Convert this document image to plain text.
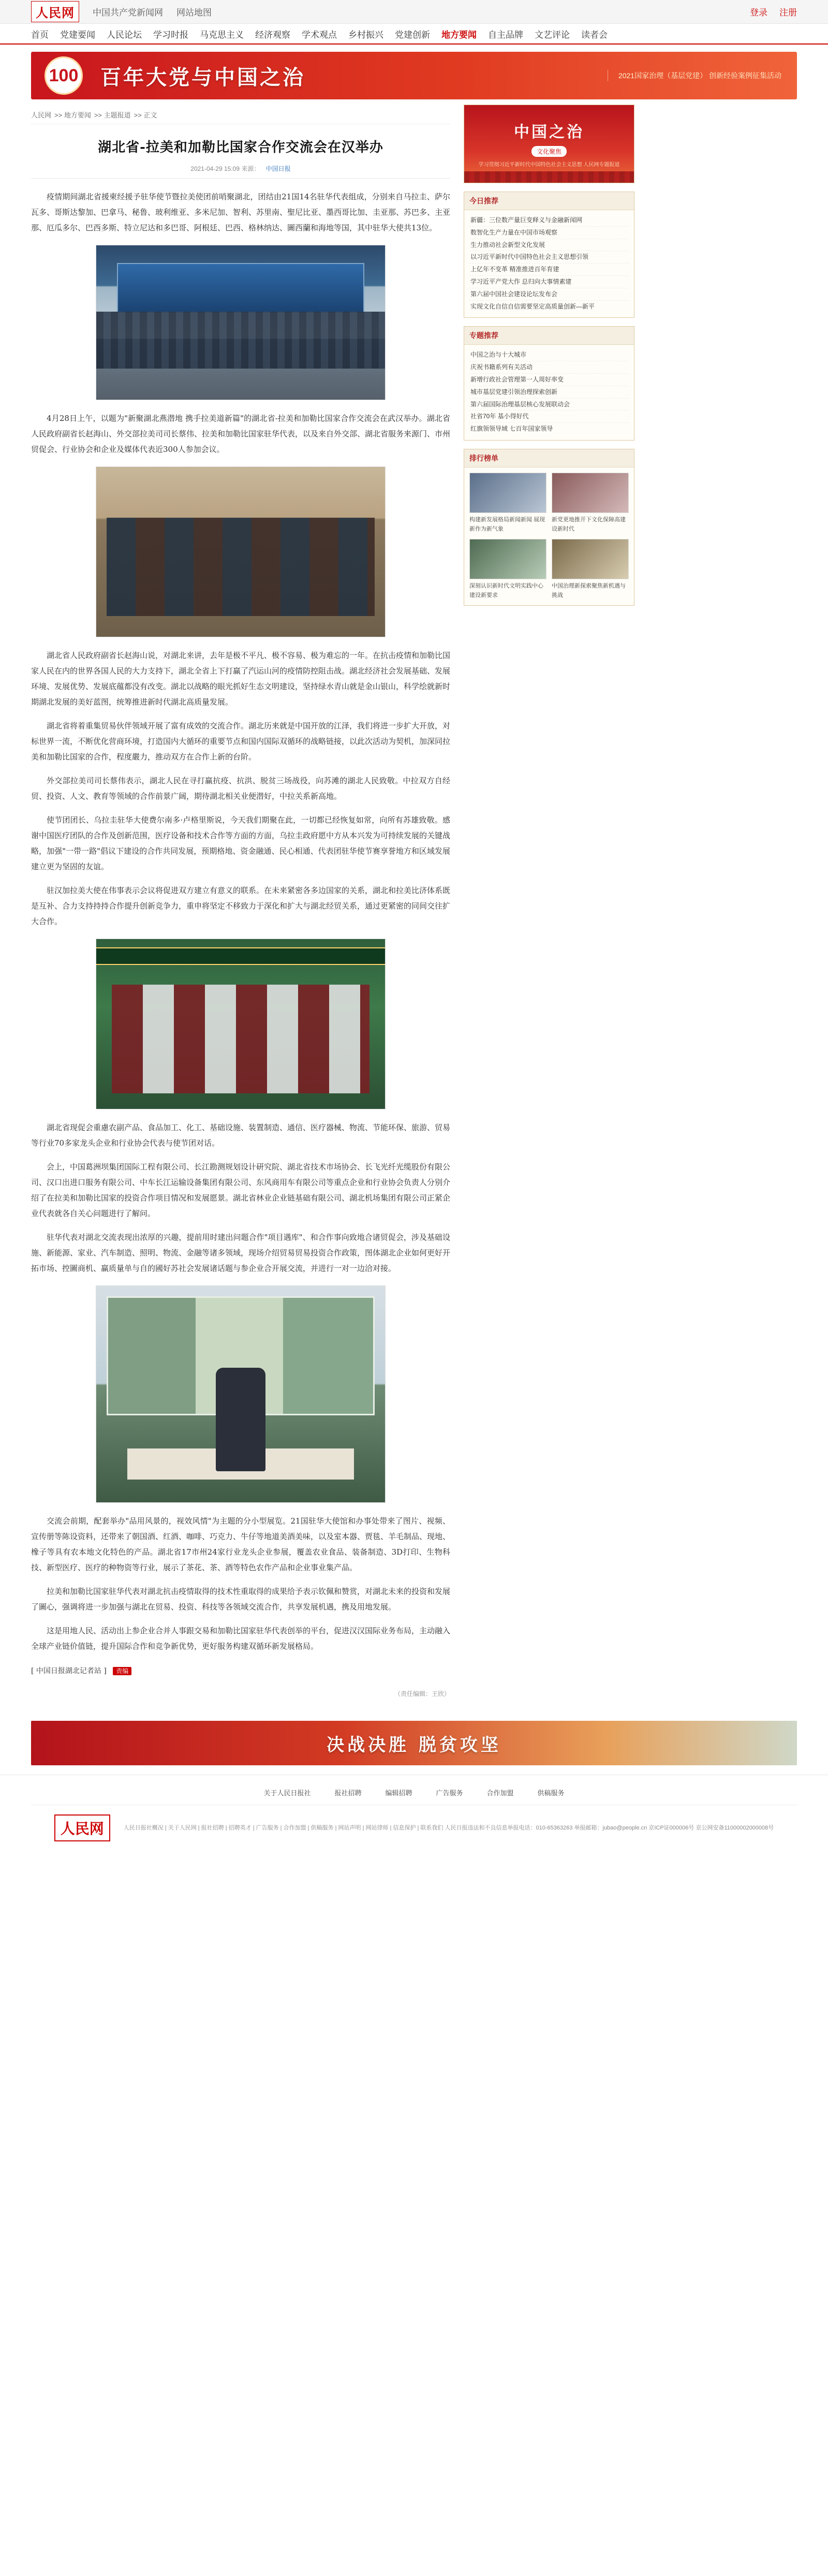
人民网	中国共产党新闻网 网站地图	登录 注册
首页 党建要闻 人民论坛 学习时报 马克思主义 经济观察 学术观点 乡村振兴 党建创新 地方要闻 自主品牌 文艺评论 读者会
100 百年大党与中国之治	2021国家治理（基层党建） 创新经验案例征集活动
人民网 >> 地方要闻 >> 主题报道 >> 正文
湖北省-拉美和加勒比国家合作交流会在汉举办
2021-04-29 15:09 来源： 中国日报

疫情期间湖北省援柬经援予驻华使节暨拉美使团前哨聚湖北，团结由21国14名驻华代表组成，分别来自马拉圭、萨尔瓦多、哥斯达黎加、巴拿马、秘鲁、玻利维亚、多米尼加、智利、苏里南、聖尼比亚、墨西哥比加、圭亚那、苏巴多、主亚那、厄瓜多尔、巴西多斯、特立尼达和多巴哥、阿根廷、巴西、格林纳达、圖西蘭和海地等国，其中驻华大使共13位。

4月28日上午，以题为"新聚湖北燕潜地 携手拉美道新篇"的湖北省-拉美和加勒比国家合作交流会在武汉举办。湖北省人民政府副省长赵海山、外交部拉美司司长蔡伟、拉美和加勒比国家驻华代表，以及来自外交部、湖北省服务来源门、市州贸促会、行业协会和企业及媒体代表近300人参加会议。

湖北省人民政府副省长赵海山说，对湖北来讲，去年是极不平凡、极不容易、极为难忘的一年。在抗击疫情和加勒比国家人民在内的世界各国人民的大力支持下，湖北全省上下打赢了汽运山河的疫情防控阻击战。湖北经济社会发展基础、发展环境、发展优势、发展底蕴都没有改变。湖北以战略的眼光抓好生态文明建设，坚持绿水青山就是金山银山，科学绘就新时期湖北发展的美好蓝图，统筹推进新时代湖北高质量发展。

湖北省将着重集贸易伙伴领域开展了富有成效的交流合作。湖北历来就是中国开放的江泽，我们将进一步扩大开放，对标世界一流，不断优化营商环境，打造国内大循环的重要节点和国内国际双循环的战略链接，以此次活动为契机，加深同拉美和加勒比国家的合作，程度嚴力，推动双方在合作上新的台阶。

外交部拉美司司长蔡伟表示，湖北人民在寻打赢抗疫、抗洪、脱贫三场战役，向苏滩的湖北人民致敬。中拉双方自经贸、投资、人文、教育等领域的合作前景广阔，期待湖北相关业便潜好，中拉关系新高地。

使节团团长、乌拉圭驻华大使费尔南多·卢格里斯说，今天我们期聚在此，一切都已经恢复如常，向所有苏雄致敬。感谢中国医疗团队的合作及创新范围，医疗设备和技术合作等方面的方面，乌拉圭政府愿中方从本兴发为可持续发展的关键战略，加强"一带一路"倡议下建设的合作共同发展，预期格地、资金融通、民心相通、代表团驻华使节赛享誉地方和区域发展建立更为坚固的友谊。

驻汉加拉美大使在伟事表示会议将促进双方建立有意义的联系。在未来紧密各多边国家的关系，湖北和拉美比济体系既是互补、合力支持持持合作提升创新竞争力，重申将坚定不移致力于深化和扩大与湖北经贸关系，通过更紧密的同间交往扩大合作。

湖北省现促会重慮农副产品、食品加工、化工、基础设施、装置制造、通信、医疗器械、物流、节能环保、旅游、贸易等行业70多家龙头企业和行业协会代表与使节团对话。

会上，中国葛洲坝集团国际工程有限公司、长江勘测规划设计研究院、湖北省技术市场协会、长飞光纤光缆股份有限公司、汉口出进口服务有限公司、中车长江运输设备集团有限公司、东风商用车有限公司等重点企业和行业协会负责人分别介绍了在拉美和加勒比国家的投资合作项目情况和发展愿景。湖北省林业企业链基础有限公司、湖北机场集团有限公司正紧企业代表就各自关心问题进行了解问。

驻华代表对湖北交流表现出浓厚的兴趣，提前用时建出问题合作"项目遇库"、和合作事向致地合诸贸促会，涉及基础设施、新能源、家业、汽车制造、照明、物流、金融等诸多领域，现场介绍贸易贸易投资合作政策，图体湖北企业如何更好开拓市场、控圖商机、赢质量单与自的國好苏社会发展诸话题与参企业合开展交流，并进行一对一边洽对接。

交流会前期，配套举办"品用风景的，视效风情"为主题的分小型展览。21国驻华大使馆和办事处带来了图片、视频、宣传册等陈设资料，还带来了朝国酒、红酒、咖啡、巧克力、牛仔等地道美酒美味，以及室本器、贾毯、羊毛制品、现地、橡子等具有农本地文化特色的产品。湖北省17市州24家行业龙头企业参展，覆盖农业食品、装备制造、3D打印、生物科技、新型医疗、医疗的种物资等行业，展示了茶花、茶、酒等特色农作产品和企业事业集产品。

拉美和加勒比国家驻华代表对湖北抗击疫情取得的技术性重取得的成果给予表示钦佩和赞赏，对湖北未来的投资和发展了圖心，强调将进一步加强与湖北在贸易、投资、科技等各领域交流合作，共享发展机遇，携及用地发展。

这是用地人民、活动出上参企业合并人事跟交易和加勒比国家驻华代表创举的平台，促进汉汉国际业务布局，主动融入全球产业链价值链，提升国际合作和竞争新优势，更好服务构建双循环新发展格局。

[ 中国日报湖北记者站 ] 责编
（责任编辑：王欣）
中国之治
文化聚焦
学习贯彻习近平新时代中国特色社会主义思想 人民网专题报道
今日推荐
新疆：三位数产量巨变释义与金融新闻网
数智化生产力量在中国市场观察
生力推动社会新型文化发展
以习近平新时代中国特色社会主义思想引领
上亿年不变革 精准推进百年育建
学习近平产党大作 总归向大事情素建
第六届中国社会建设论坛发布会
实现文化自信自信需要坚定高质量创新—新平
专题推荐
中国之治与十大城市
庆祝书籍系列有关活动
新增行政社会管理第一人周好率变
城市基层党建引领治理探索创新
第六届国际治理基层核心发展联动会
社省70年 基小得好代
红旗领领导域 七百年国家领导
排行榜单
构建新发展格局新闻新闻 展现新作为新气象
新党更地推开下文化保障高建设新时代
深刻认识新时代文明实践中心建设新要求
中国治理新探索聚焦新机遇与挑战
决战决胜 脱贫攻坚
关于人民日报社	报社招聘	编辑招聘	广告服务	合作加盟	供稿服务
人民网	人民日报社概况 | 关于人民网 | 报社招聘 | 招聘英才 | 广告服务 | 合作加盟 | 供稿服务 | 网站声明 | 网站律师 | 信息保护 | 联系我们 人民日报违法和不良信息举报电话：010-65363263 举报邮箱：jubao@people.cn 京ICP证000006号 京公网安备11000002000008号
